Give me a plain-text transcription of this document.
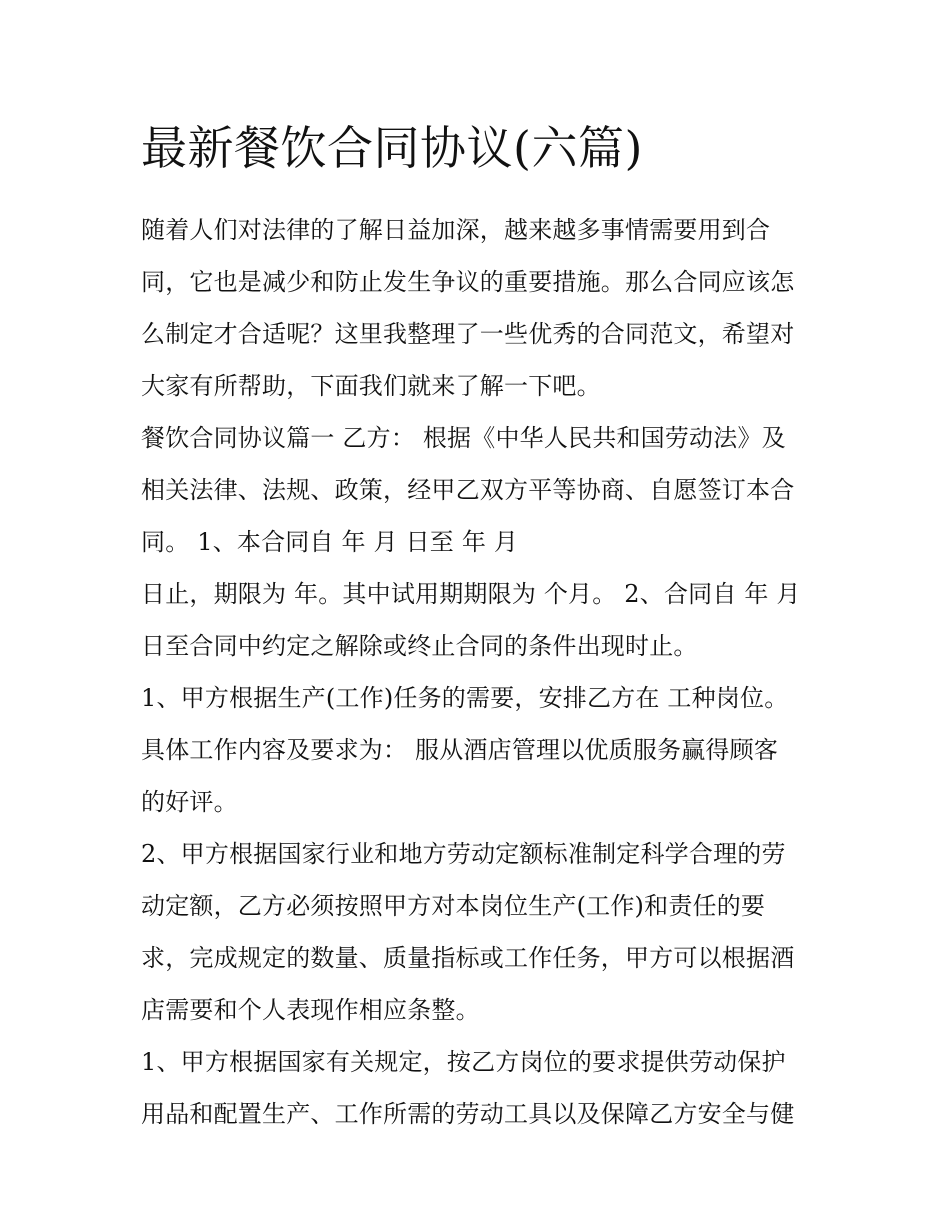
最新餐饮合同协议(六篇)
随着人们对法律的了解日益加深，越来越多事情需要用到合
同，它也是减少和防止发生争议的重要措施。那么合同应该怎
么制定才合适呢？这里我整理了一些优秀的合同范文，希望对
大家有所帮助，下面我们就来了解一下吧。
餐饮合同协议篇一 乙方： 根据《中华人民共和国劳动法》及
相关法律、法规、政策，经甲乙双方平等协商、自愿签订本合
同。 1、本合同自 年 月 日至 年 月
日止，期限为 年。其中试用期期限为 个月。 2、合同自 年 月
日至合同中约定之解除或终止合同的条件出现时止。
1、甲方根据生产(工作)任务的需要，安排乙方在 工种岗位。
具体工作内容及要求为： 服从酒店管理以优质服务赢得顾客
的好评。
2、甲方根据国家行业和地方劳动定额标准制定科学合理的劳
动定额，乙方必须按照甲方对本岗位生产(工作)和责任的要
求，完成规定的数量、质量指标或工作任务，甲方可以根据酒
店需要和个人表现作相应条整。
1、甲方根据国家有关规定，按乙方岗位的要求提供劳动保护
用品和配置生产、工作所需的劳动工具以及保障乙方安全与健
